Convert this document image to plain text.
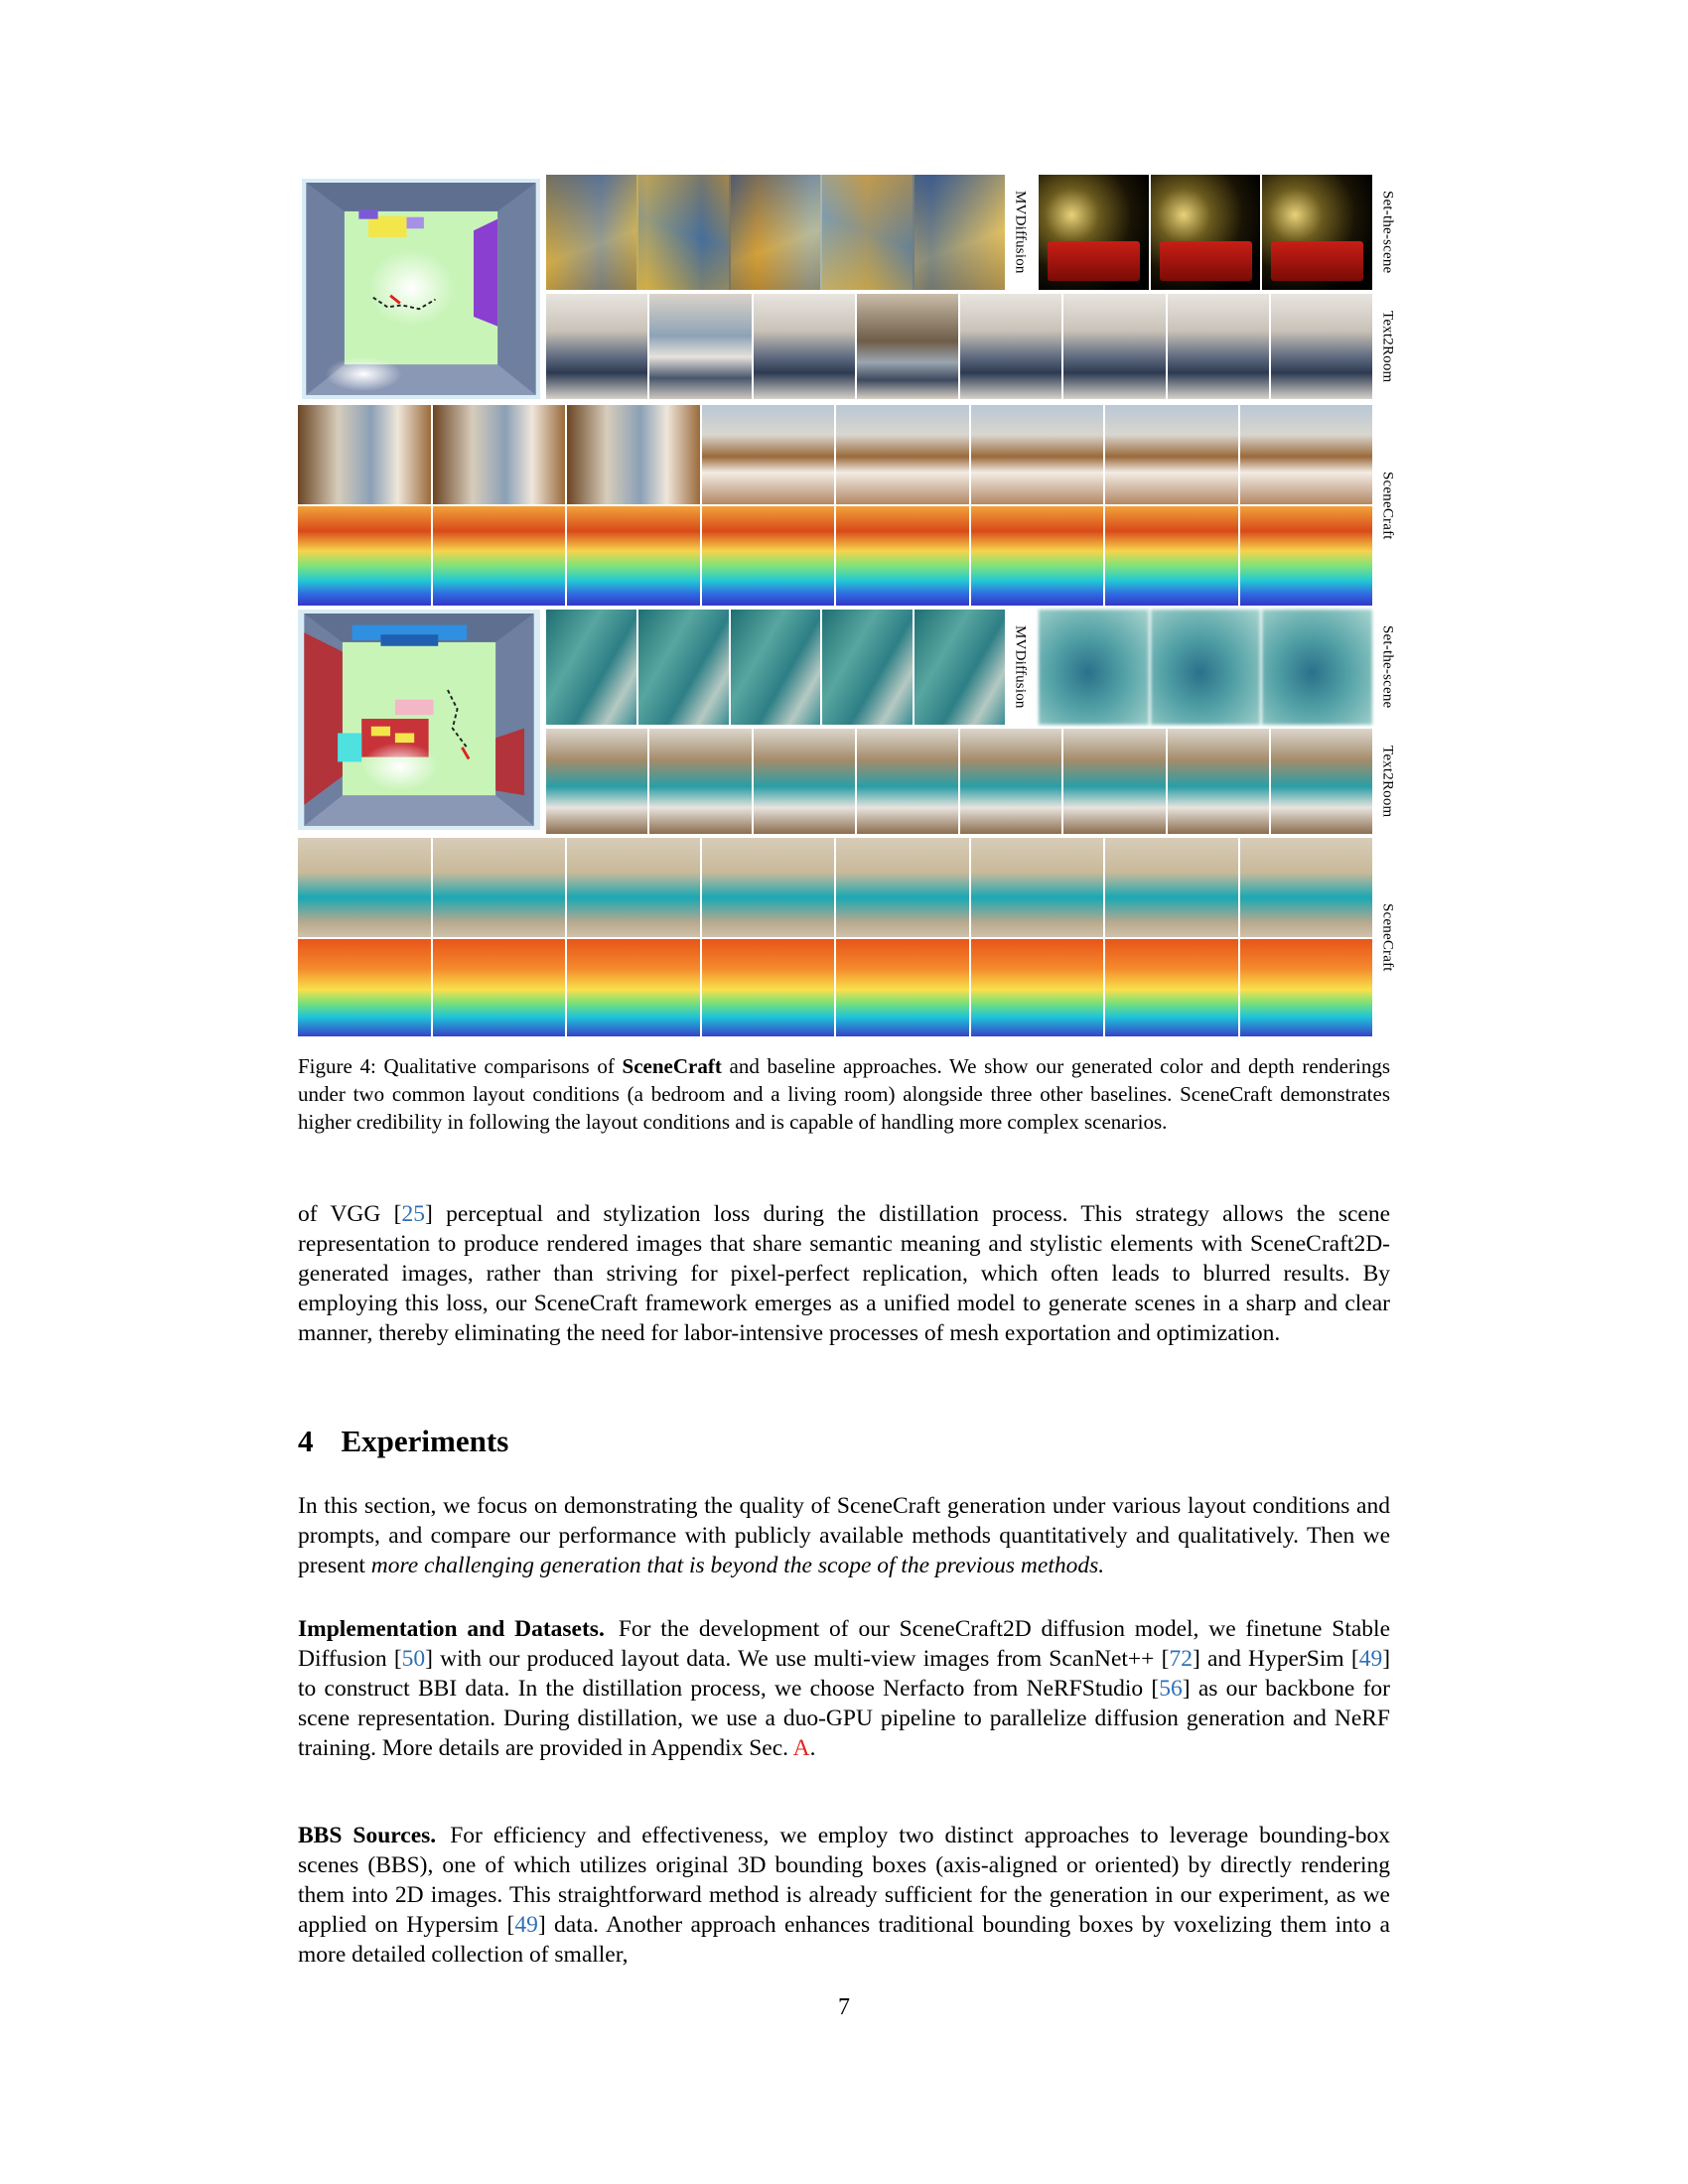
MVDiffusion	Set-the-scene
Text2Room
SceneCraft
MVDiffusion	Set-the-scene
Text2Room
SceneCraft
Figure 4: Qualitative comparisons of SceneCraft and baseline approaches. We show our generated color and depth renderings under two common layout conditions (a bedroom and a living room) alongside three other baselines. SceneCraft demonstrates higher credibility in following the layout conditions and is capable of handling more complex scenarios.
of VGG [25] perceptual and stylization loss during the distillation process. This strategy allows the scene representation to produce rendered images that share semantic meaning and stylistic elements with SceneCraft2D-generated images, rather than striving for pixel-perfect replication, which often leads to blurred results. By employing this loss, our SceneCraft framework emerges as a unified model to generate scenes in a sharp and clear manner, thereby eliminating the need for labor-intensive processes of mesh exportation and optimization.
4 Experiments
In this section, we focus on demonstrating the quality of SceneCraft generation under various layout conditions and prompts, and compare our performance with publicly available methods quantitatively and qualitatively. Then we present more challenging generation that is beyond the scope of the previous methods.
Implementation and Datasets. For the development of our SceneCraft2D diffusion model, we finetune Stable Diffusion [50] with our produced layout data. We use multi-view images from ScanNet++ [72] and HyperSim [49] to construct BBI data. In the distillation process, we choose Nerfacto from NeRFStudio [56] as our backbone for scene representation. During distillation, we use a duo-GPU pipeline to parallelize diffusion generation and NeRF training. More details are provided in Appendix Sec. A.
BBS Sources. For efficiency and effectiveness, we employ two distinct approaches to leverage bounding-box scenes (BBS), one of which utilizes original 3D bounding boxes (axis-aligned or oriented) by directly rendering them into 2D images. This straightforward method is already sufficient for the generation in our experiment, as we applied on Hypersim [49] data. Another approach enhances traditional bounding boxes by voxelizing them into a more detailed collection of smaller,
7
